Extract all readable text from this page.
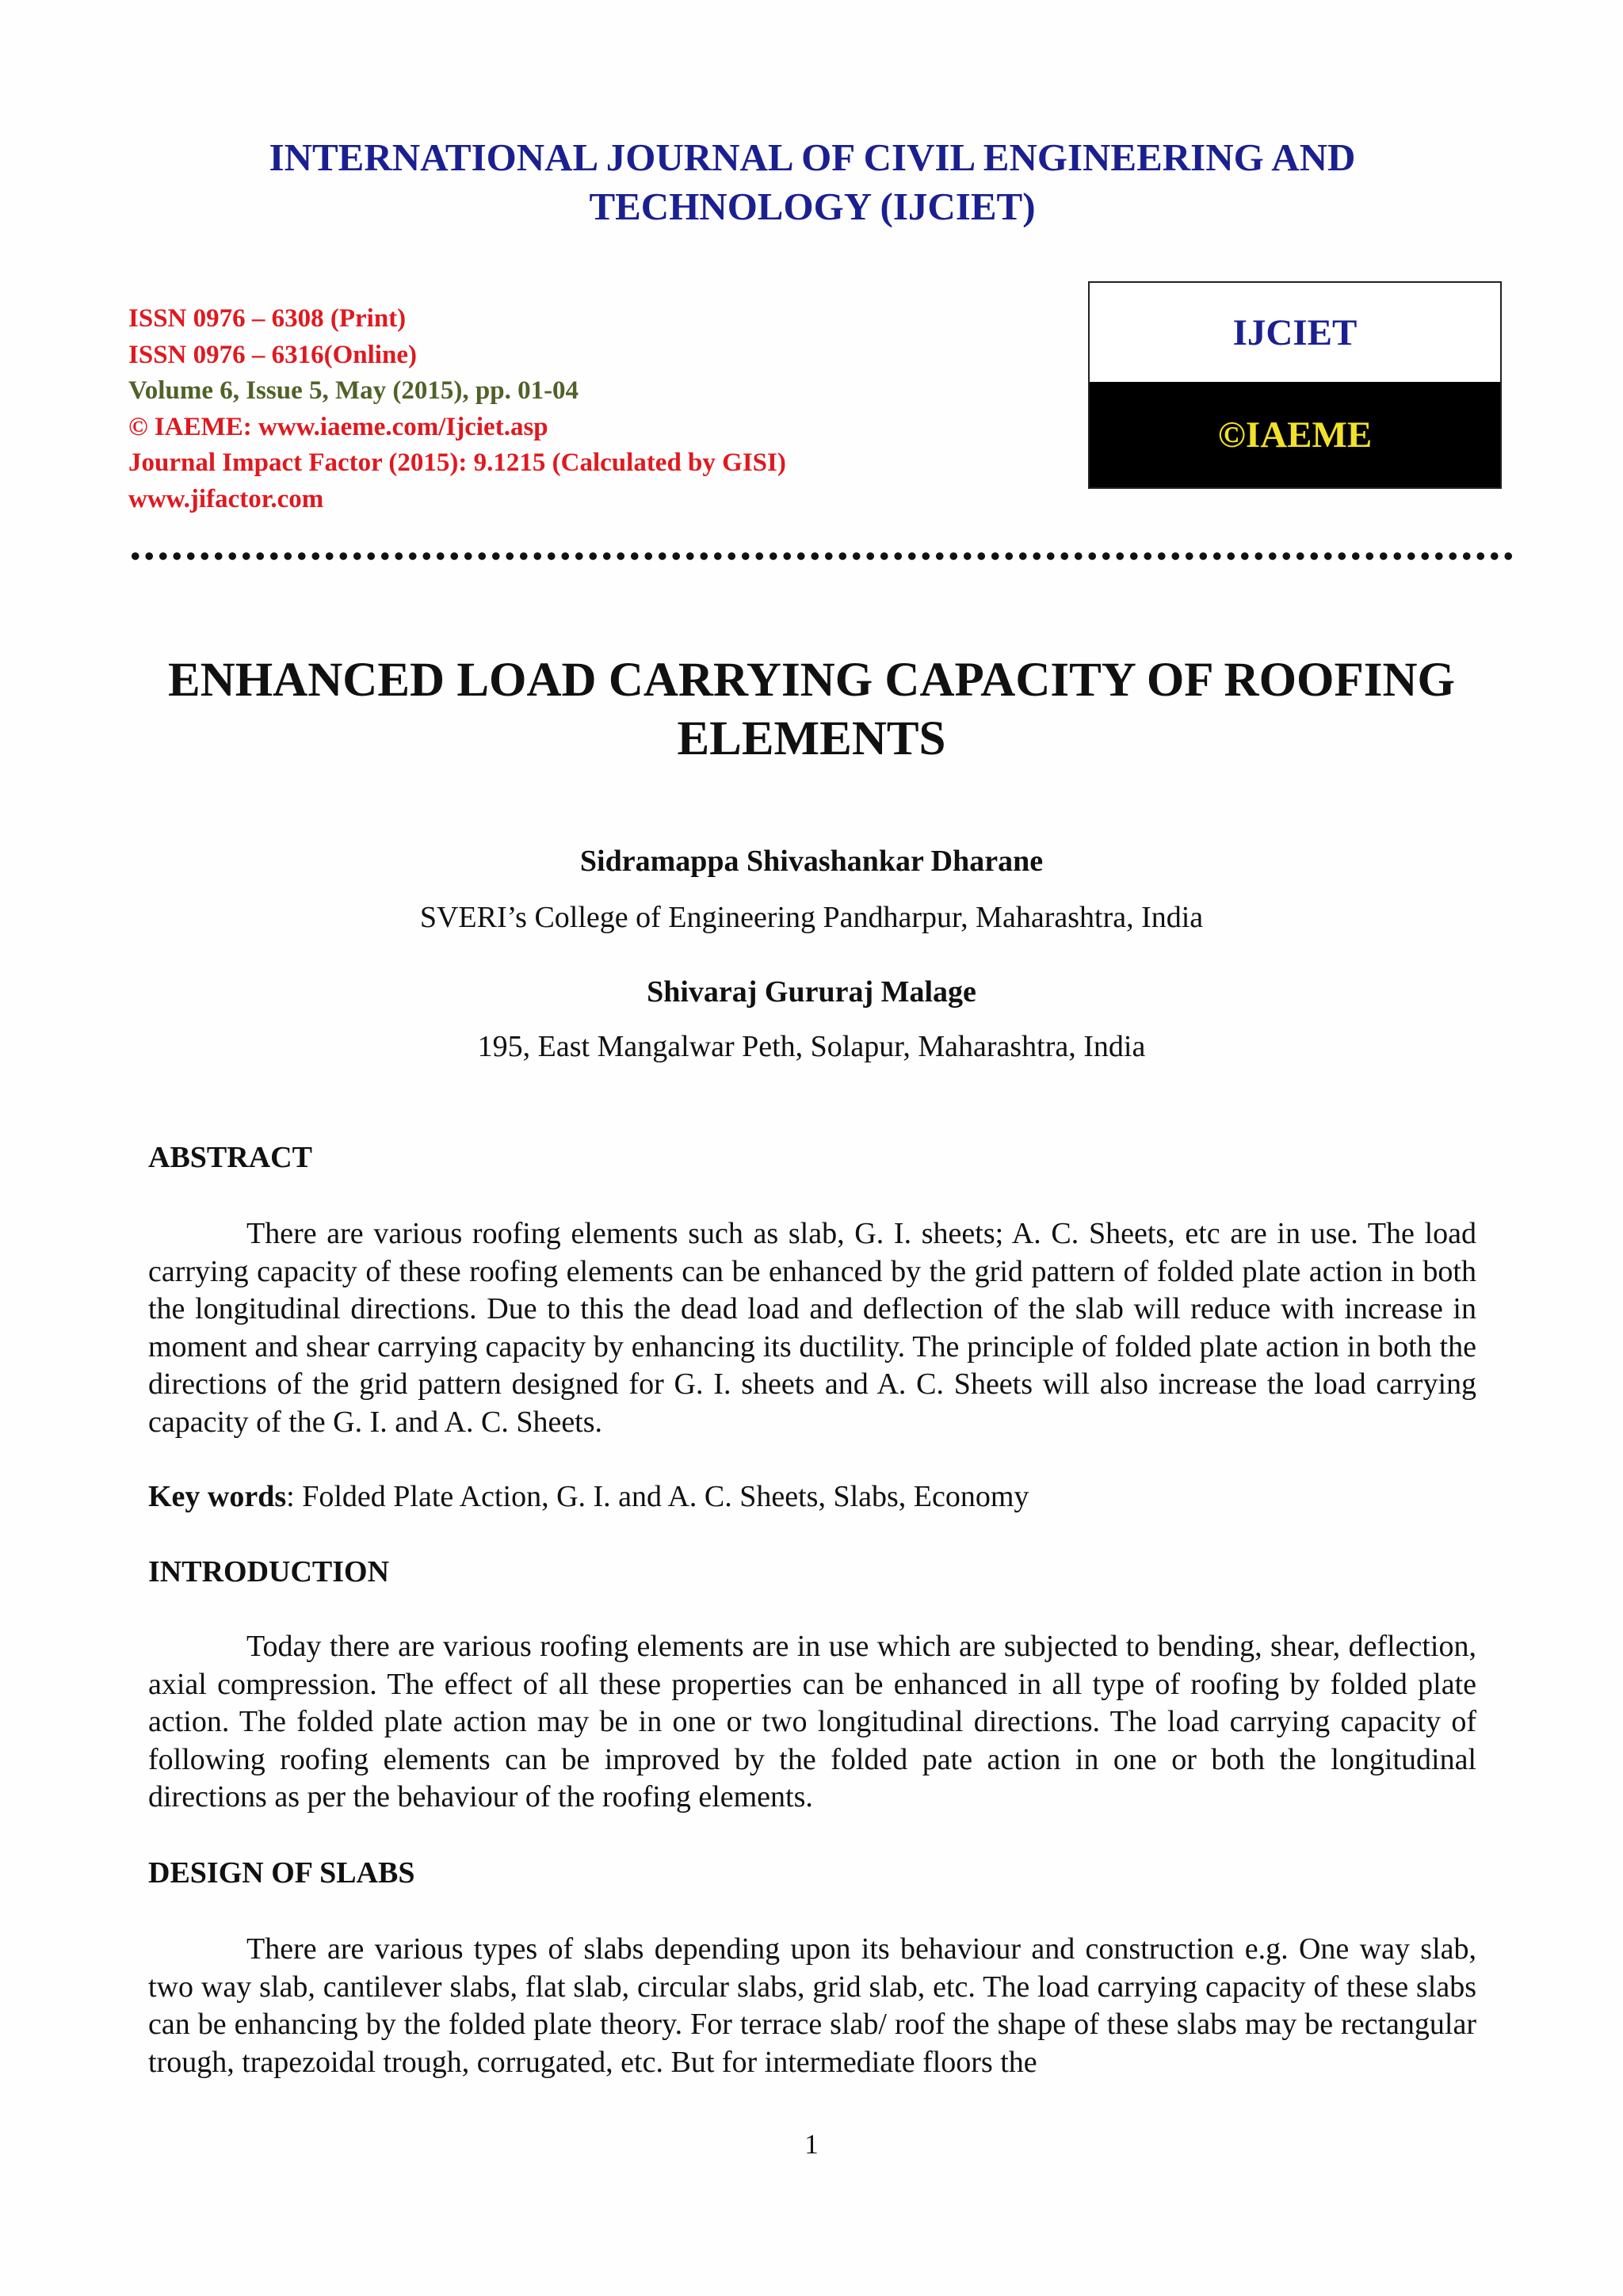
INTERNATIONAL JOURNAL OF CIVIL ENGINEERING AND
TECHNOLOGY (IJCIET)
ISSN 0976 – 6308 (Print)
ISSN 0976 – 6316(Online)
Volume 6, Issue 5, May (2015), pp. 01-04
© IAEME: www.iaeme.com/Ijciet.asp
Journal Impact Factor (2015): 9.1215 (Calculated by GISI)
www.jifactor.com
IJCIET
©IAEME
ENHANCED LOAD CARRYING CAPACITY OF ROOFING
ELEMENTS
Sidramappa Shivashankar Dharane
SVERI’s College of Engineering Pandharpur, Maharashtra, India
Shivaraj Gururaj Malage
195, East Mangalwar Peth, Solapur, Maharashtra, India
ABSTRACT
There are various roofing elements such as slab, G. I. sheets; A. C. Sheets, etc are in use. The load carrying capacity of these roofing elements can be enhanced by the grid pattern of folded plate action in both the longitudinal directions. Due to this the dead load and deflection of the slab will reduce with increase in moment and shear carrying capacity by enhancing its ductility. The principle of folded plate action in both the directions of the grid pattern designed for G. I. sheets and A. C. Sheets will also increase the load carrying capacity of the G. I. and A. C. Sheets.
Key words: Folded Plate Action, G. I. and A. C. Sheets, Slabs, Economy
INTRODUCTION
Today there are various roofing elements are in use which are subjected to bending, shear, deflection, axial compression. The effect of all these properties can be enhanced in all type of roofing by folded plate action. The folded plate action may be in one or two longitudinal directions. The load carrying capacity of following roofing elements can be improved by the folded pate action in one or both the longitudinal directions as per the behaviour of the roofing elements.
DESIGN OF SLABS
There are various types of slabs depending upon its behaviour and construction e.g. One way slab, two way slab, cantilever slabs, flat slab, circular slabs, grid slab, etc. The load carrying capacity of these slabs can be enhancing by the folded plate theory. For terrace slab/ roof the shape of these slabs may be rectangular trough, trapezoidal trough, corrugated, etc. But for intermediate floors the
1
